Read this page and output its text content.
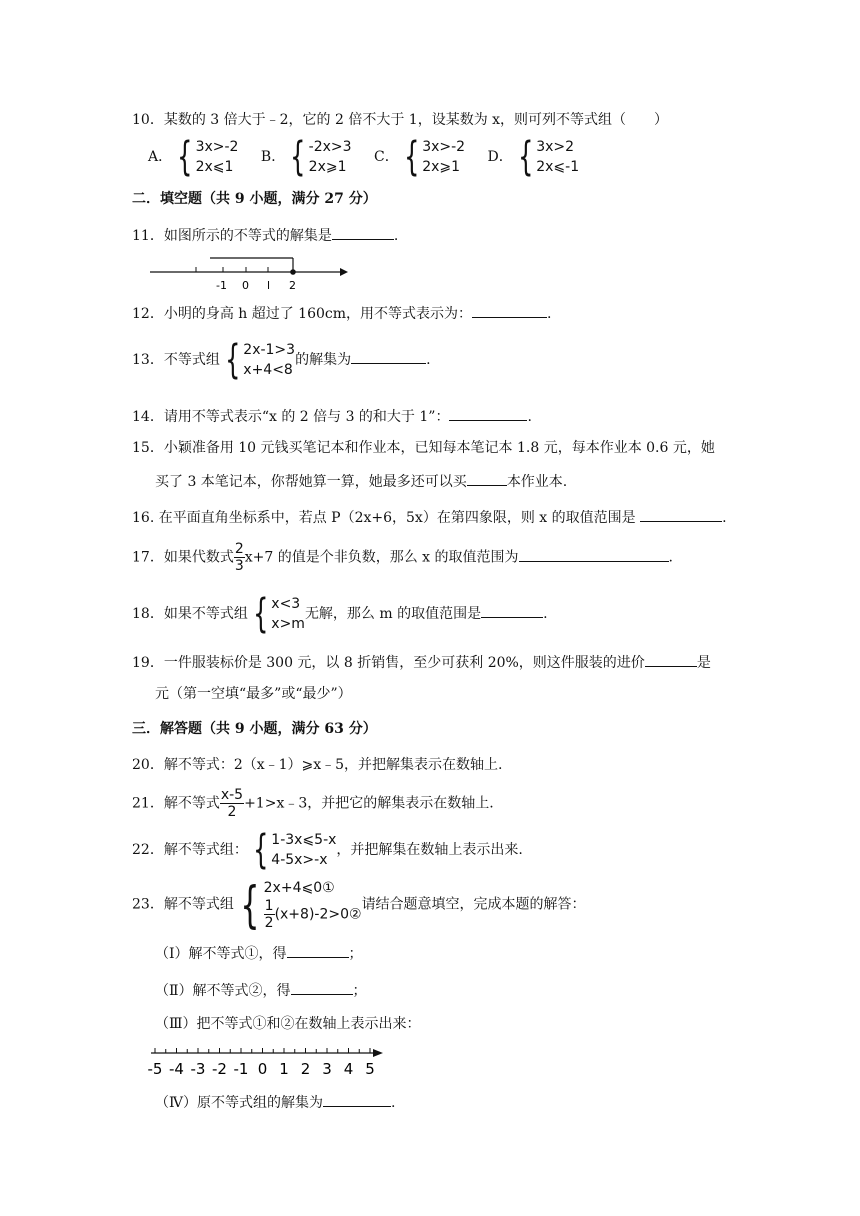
10．某数的 3 倍大于﹣2，它的 2 倍不大于 1，设某数为 x，则可列不等式组（　　）
A． { 3x>-2
2x⩽1

B． { -2x>3
2x⩾1

C． { 3x>-2
2x⩾1

D． { 3x>2
2x⩽-1
二．填空题（共 9 小题，满分 27 分）
11．如图所示的不等式的解集是	.
-1 0 l 2
12．小明的身高 h 超过了 160cm，用不等式表示为：	.
13．不等式组 { 2x-1>3
x+4<8
的解集为	.
14．请用不等式表示“x 的 2 倍与 3 的和大于 1”：	.
15．小颖准备用 10 元钱买笔记本和作业本，已知每本笔记本 1.8 元，每本作业本 0.6 元，她
买了 3 本笔记本，你帮她算一算，她最多还可以买	本作业本.
16. 在平面直角坐标系中，若点 P（2x+6，5x）在第四象限，则 x 的取值范围是	.
17．如果代数式 $\frac{2}{3} x+7$ 的值是个非负数，那么 x 的取值范围为	.
18．如果不等式组 { x<3
x>m
无解，那么 m 的取值范围是	.
19．一件服装标价是 300 元，以 8 折销售，至少可获利 20%，则这件服装的进价	是
元（第一空填“最多”或“最少”）
三．解答题（共 9 小题，满分 63 分）
20．解不等式：2（x﹣1）⩾x﹣5，并把解集表示在数轴上.
21．解不等式 $\frac{x-5}{2}$ +1>x﹣3，并把它的解集表示在数轴上.
22．解不等式组： { 1-3x⩽5-x
4-5x>-x
，并把解集在数轴上表示出来.
23．解不等式组 { 2x+4⩽0①
$\frac{1}{2}$ (x+8)-2>0②
请结合题意填空，完成本题的解答：
（Ⅰ）解不等式①，得	；
（Ⅱ）解不等式②，得	；
（Ⅲ）把不等式①和②在数轴上表示出来：
-5 -4 -3 -2 -1 0 1 2 3 4 5
（Ⅳ）原不等式组的解集为	.
